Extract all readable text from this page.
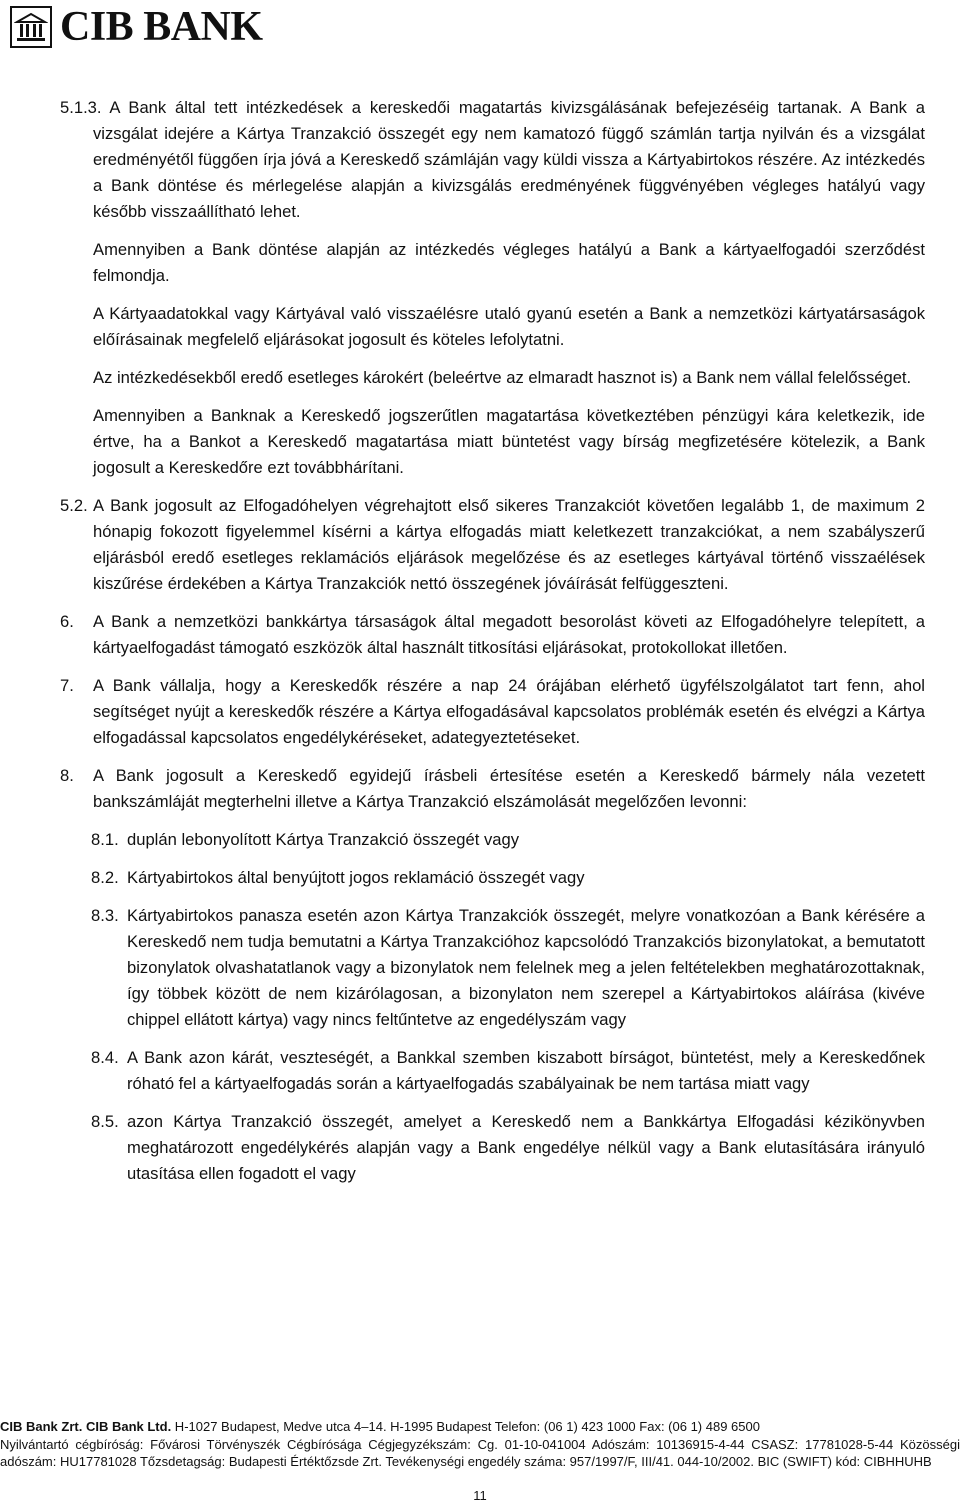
CIB BANK

5.1.3. A Bank által tett intézkedések a kereskedői magatartás kivizsgálásának befejezéséig tartanak. A Bank a vizsgálat idejére a Kártya Tranzakció összegét egy nem kamatozó függő számlán tartja nyilván és a vizsgálat eredményétől függően írja jóvá a Kereskedő számláján vagy küldi vissza a Kártyabirtokos részére. Az intézkedés a Bank döntése és mérlegelése alapján a kivizsgálás eredményének függvényében végleges hatályú vagy később visszaállítható lehet.

Amennyiben a Bank döntése alapján az intézkedés végleges hatályú a Bank a kártyaelfogadói szerződést felmondja.

A Kártyaadatokkal vagy Kártyával való visszaélésre utaló gyanú esetén a Bank a nemzetközi kártyatársaságok előírásainak megfelelő eljárásokat jogosult és köteles lefolytatni.

Az intézkedésekből eredő esetleges károkért (beleértve az elmaradt hasznot is) a Bank nem vállal felelősséget.

Amennyiben a Banknak a Kereskedő jogszerűtlen magatartása következtében pénzügyi kára keletkezik, ide értve, ha a Bankot a Kereskedő magatartása miatt büntetést vagy bírság megfizetésére kötelezik, a Bank jogosult a Kereskedőre ezt továbbhárítani.

5.2. A Bank jogosult az Elfogadóhelyen végrehajtott első sikeres Tranzakciót követően legalább 1, de maximum 2 hónapig fokozott figyelemmel kísérni a kártya elfogadás miatt keletkezett tranzakciókat, a nem szabályszerű eljárásból eredő esetleges reklamációs eljárások megelőzése és az esetleges kártyával történő visszaélések kiszűrése érdekében a Kártya Tranzakciók nettó összegének jóváírását felfüggeszteni.

6. A Bank a nemzetközi bankkártya társaságok által megadott besorolást követi az Elfogadóhelyre telepített, a kártyaelfogadást támogató eszközök által használt titkosítási eljárásokat, protokollokat illetően.

7. A Bank vállalja, hogy a Kereskedők részére a nap 24 órájában elérhető ügyfélszolgálatot tart fenn, ahol segítséget nyújt a kereskedők részére a Kártya elfogadásával kapcsolatos problémák esetén és elvégzi a Kártya elfogadással kapcsolatos engedélykéréseket, adategyeztetéseket.

8. A Bank jogosult a Kereskedő egyidejű írásbeli értesítése esetén a Kereskedő bármely nála vezetett bankszámláját megterhelni illetve a Kártya Tranzakció elszámolását megelőzően levonni:

8.1. duplán lebonyolított Kártya Tranzakció összegét vagy

8.2. Kártyabirtokos által benyújtott jogos reklamáció összegét vagy

8.3. Kártyabirtokos panasza esetén azon Kártya Tranzakciók összegét, melyre vonatkozóan a Bank kérésére a Kereskedő nem tudja bemutatni a Kártya Tranzakcióhoz kapcsolódó Tranzakciós bizonylatokat, a bemutatott bizonylatok olvashatatlanok vagy a bizonylatok nem felelnek meg a jelen feltételekben meghatározottaknak, így többek között de nem kizárólagosan, a bizonylaton nem szerepel a Kártyabirtokos aláírása (kivéve chippel ellátott kártya) vagy nincs feltűntetve az engedélyszám vagy

8.4. A Bank azon kárát, veszteségét, a Bankkal szemben kiszabott bírságot, büntetést, mely a Kereskedőnek róható fel a kártyaelfogadás során a kártyaelfogadás szabályainak be nem tartása miatt vagy

8.5. azon Kártya Tranzakció összegét, amelyet a Kereskedő nem a Bankkártya Elfogadási kézikönyvben meghatározott engedélykérés alapján vagy a Bank engedélye nélkül vagy a Bank elutasítására irányuló utasítása ellen fogadott el vagy

CIB Bank Zrt. CIB Bank Ltd. H-1027 Budapest, Medve utca 4–14. H-1995 Budapest Telefon: (06 1) 423 1000 Fax: (06 1) 489 6500
Nyilvántartó cégbíróság: Fővárosi Törvényszék Cégbírósága Cégjegyzékszám: Cg. 01-10-041004 Adószám: 10136915-4-44 CSASZ: 17781028-5-44 Közösségi adószám: HU17781028 Tőzsdetagság: Budapesti Értéktőzsde Zrt. Tevékenységi engedély száma: 957/1997/F, III/41. 044-10/2002. BIC (SWIFT) kód: CIBHHUHB
11
